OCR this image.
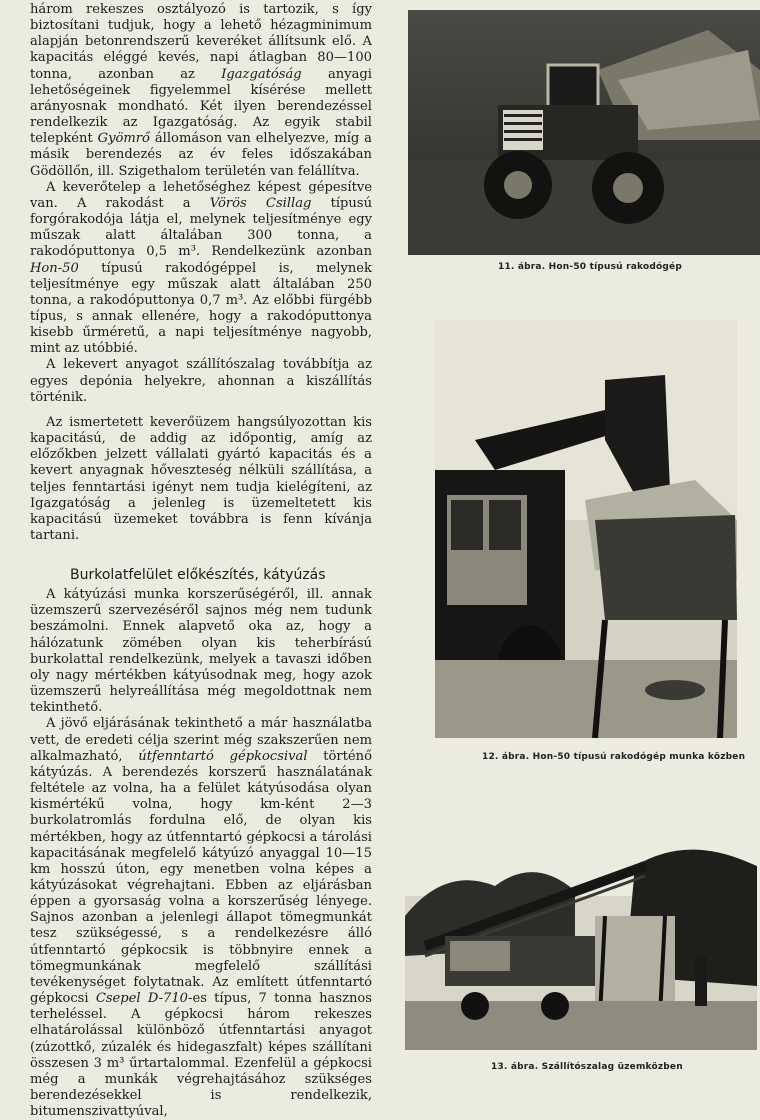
három rekeszes osztályozó is tartozik, s így biztosítani tudjuk, hogy a lehető hézagminimum alapján betonrendszerű keveréket állítsunk elő. A kapacitás eléggé kevés, napi átlagban 80—100 tonna, azonban az Igazgatóság anyagi lehetőségeinek figyelemmel kísérése mellett arányosnak mondható. Két ilyen berendezéssel rendelkezik az Igazgatóság. Az egyik stabil telepként Gyömrő állomáson van elhelyezve, míg a másik berendezés az év feles időszakában Gödöllőn, ill. Szigethalom területén van felállítva.

A keverőtelep a lehetőséghez képest gépesítve van. A rakodást a Vörös Csillag típusú forgórakodója látja el, melynek teljesítménye egy műszak alatt általában 300 tonna, a rakodóputtonya 0,5 m³. Rendelkezünk azonban Hon-50 típusú rakodógéppel is, melynek teljesítménye egy műszak alatt általában 250 tonna, a rakodóputtonya 0,7 m³. Az előbbi fürgébb típus, s annak ellenére, hogy a rakodóputtonya kisebb űrméretű, a napi teljesítménye nagyobb, mint az utóbbié.

A lekevert anyagot szállítószalag továbbítja az egyes depónia helyekre, ahonnan a kiszállítás történik.

Az ismertetett keverőüzem hangsúlyozottan kis kapacitású, de addig az időpontig, amíg az előzőkben jelzett vállalati gyártó kapacitás és a kevert anyagnak hőveszteség nélküli szállítása, a teljes fenntartási igényt nem tudja kielégíteni, az Igazgatóság a jelenleg is üzemeltetett kis kapacitású üzemeket továbbra is fenn kívánja tartani.

Burkolatfelület előkészítés, kátyúzás

A kátyúzási munka korszerűségéről, ill. annak üzemszerű szervezéséről sajnos még nem tudunk beszámolni. Ennek alapvető oka az, hogy a hálózatunk zömében olyan kis teherbírású burkolattal rendelkezünk, melyek a tavaszi időben oly nagy mértékben kátyúsodnak meg, hogy azok üzemszerű helyreállítása még megoldottnak nem tekinthető.

A jövő eljárásának tekinthető a már használatba vett, de eredeti célja szerint még szakszerűen nem alkalmazható, útfenntartó gépkocsival történő kátyúzás. A berendezés korszerű használatának feltétele az volna, ha a felület kátyúsodása olyan kismértékű volna, hogy km-ként 2—3 burkolatromlás fordulna elő, de olyan kis mértékben, hogy az útfenntartó gépkocsi a tárolási kapacitásának megfelelő kátyúzó anyaggal 10—15 km hosszú úton, egy menetben volna képes a kátyúzásokat végrehajtani. Ebben az eljárásban éppen a gyorsaság volna a korszerűség lényege. Sajnos azonban a jelenlegi állapot tömegmunkát tesz szükségessé, s a rendelkezésre álló útfenntartó gépkocsik is többnyire ennek a tömegmunkának megfelelő szállítási tevékenységet folytatnak. Az említett útfenntartó gépkocsi Csepel D-710-es típus, 7 tonna hasznos terheléssel. A gépkocsi három rekeszes elhatárolással különböző útfenntartási anyagot (zúzottkő, zúzalék és hidegaszfalt) képes szállítani összesen 3 m³ űrtartalommal. Ezenfelül a gépkocsi még a munkák végrehajtásához szükséges berendezésekkel is rendelkezik, bitumenszivattyúval,

11. ábra. Hon-50 típusú rakodógép
12. ábra. Hon-50 típusú rakodógép munka közben
13. ábra. Szállítószalag üzemközben
